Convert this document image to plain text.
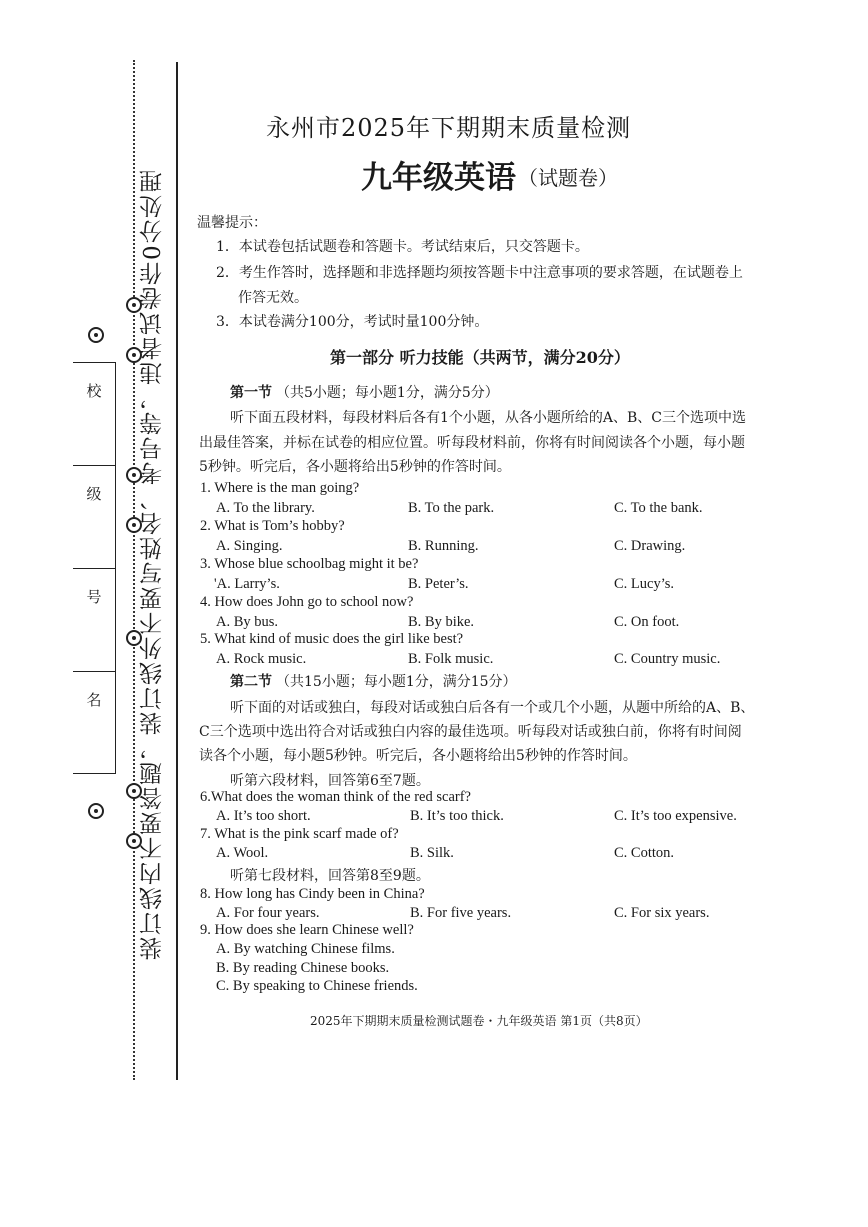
装订线内不要答题，装订线外不要写姓名、考号等，违者试卷作0分处理
校
级
号
名
永州市2025年下期期末质量检测
九年级英语 （试题卷）
温馨提示：
1．本试卷包括试题卷和答题卡。考试结束后，只交答题卡。
2．考生作答时，选择题和非选择题均须按答题卡中注意事项的要求答题，在试题卷上
作答无效。
3．本试卷满分100分，考试时量100分钟。
第一部分 听力技能（共两节，满分20分）
第一节 （共5小题；每小题1分，满分5分）
听下面五段材料，每段材料后各有1个小题，从各小题所给的A、B、C三个选项中选
出最佳答案，并标在试卷的相应位置。听每段材料前，你将有时间阅读各个小题，每小题
5秒钟。听完后，各小题将给出5秒钟的作答时间。
1. Where is the man going?
A. To the library.	B. To the park.	C. To the bank.
2. What is Tom’s hobby?
A. Singing.	B. Running.	C. Drawing.
3. Whose blue schoolbag might it be?
'A. Larry’s.	B. Peter’s.	C. Lucy’s.
4. How does John go to school now?
A. By bus.	B. By bike.	C. On foot.
5. What kind of music does the girl like best?
A. Rock music.	B. Folk music.	C. Country music.
第二节 （共15小题；每小题1分，满分15分）
听下面的对话或独白，每段对话或独白后各有一个或几个小题，从题中所给的A、B、
C三个选项中选出符合对话或独白内容的最佳选项。听每段对话或独白前，你将有时间阅
读各个小题，每小题5秒钟。听完后，各小题将给出5秒钟的作答时间。
听第六段材料，回答第6至7题。
6.What does the woman think of the red scarf?
A. It’s too short.	B. It’s too thick.	C. It’s too expensive.
7. What is the pink scarf made of?
A. Wool.	B. Silk.	C. Cotton.
听第七段材料，回答第8至9题。
8. How long has Cindy been in China?
A. For four years.	B. For five years.	C. For six years.
9. How does she learn Chinese well?
A. By watching Chinese films.
B. By reading Chinese books.
C. By speaking to Chinese friends.
2025年下期期末质量检测试题卷・九年级英语 第1页（共8页）
